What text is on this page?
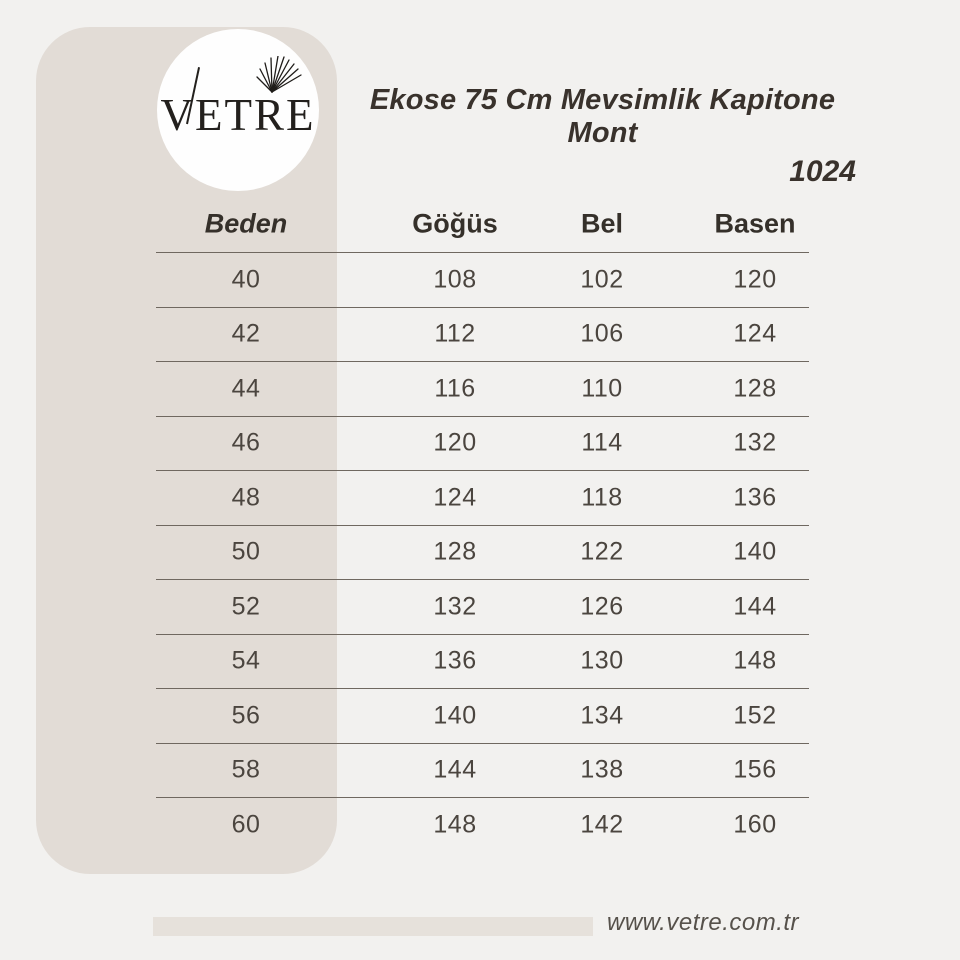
VETRE	Ekose 75 Cm Mevsimlik Kapitone Mont
1024
Beden	Göğüs	Bel	Basen
40	108	102	120
42	112	106	124
44	116	110	128
46	120	114	132
48	124	118	136
50	128	122	140
52	132	126	144
54	136	130	148
56	140	134	152
58	144	138	156
60	148	142	160
www.vetre.com.tr
